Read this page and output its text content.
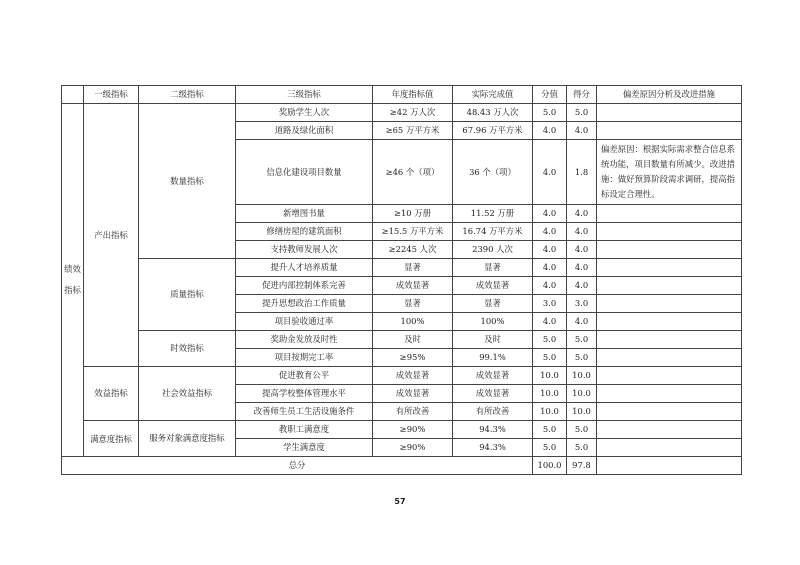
	一级指标	二级指标	三级指标	年度指标值	实际完成值	分值	得分	偏差原因分析及改进措施
绩效指标	产出指标	数量指标	奖励学生人次	≥42 万人次	48.43 万人次	5.0	5.0	
			道路及绿化面积	≥65 万平方米	67.96 万平方米	4.0	4.0	
			信息化建设项目数量	≥46 个（项）	36 个（项）	4.0	1.8	偏差原因：根据实际需求整合信息系统功能，项目数量有所减少。改进措施：做好预算阶段需求调研，提高指标设定合理性。
			新增图书量	≥10 万册	11.52 万册	4.0	4.0	
			修缮房屋的建筑面积	≥15.5 万平方米	16.74 万平方米	4.0	4.0	
			支持教师发展人次	≥2245 人次	2390 人次	4.0	4.0	
		质量指标	提升人才培养质量	显著	显著	4.0	4.0	
			促进内部控制体系完善	成效显著	成效显著	4.0	4.0	
			提升思想政治工作质量	显著	显著	3.0	3.0	
			项目验收通过率	100%	100%	4.0	4.0	
		时效指标	奖助金发放及时性	及时	及时	5.0	5.0	
			项目按期完工率	≥95%	99.1%	5.0	5.0	
	效益指标	社会效益指标	促进教育公平	成效显著	成效显著	10.0	10.0	
			提高学校整体管理水平	成效显著	成效显著	10.0	10.0	
			改善师生员工生活设施条件	有所改善	有所改善	10.0	10.0	
	满意度指标	服务对象满意度指标	教职工满意度	≥90%	94.3%	5.0	5.0	
			学生满意度	≥90%	94.3%	5.0	5.0	
总分						100.0	97.8	
57
